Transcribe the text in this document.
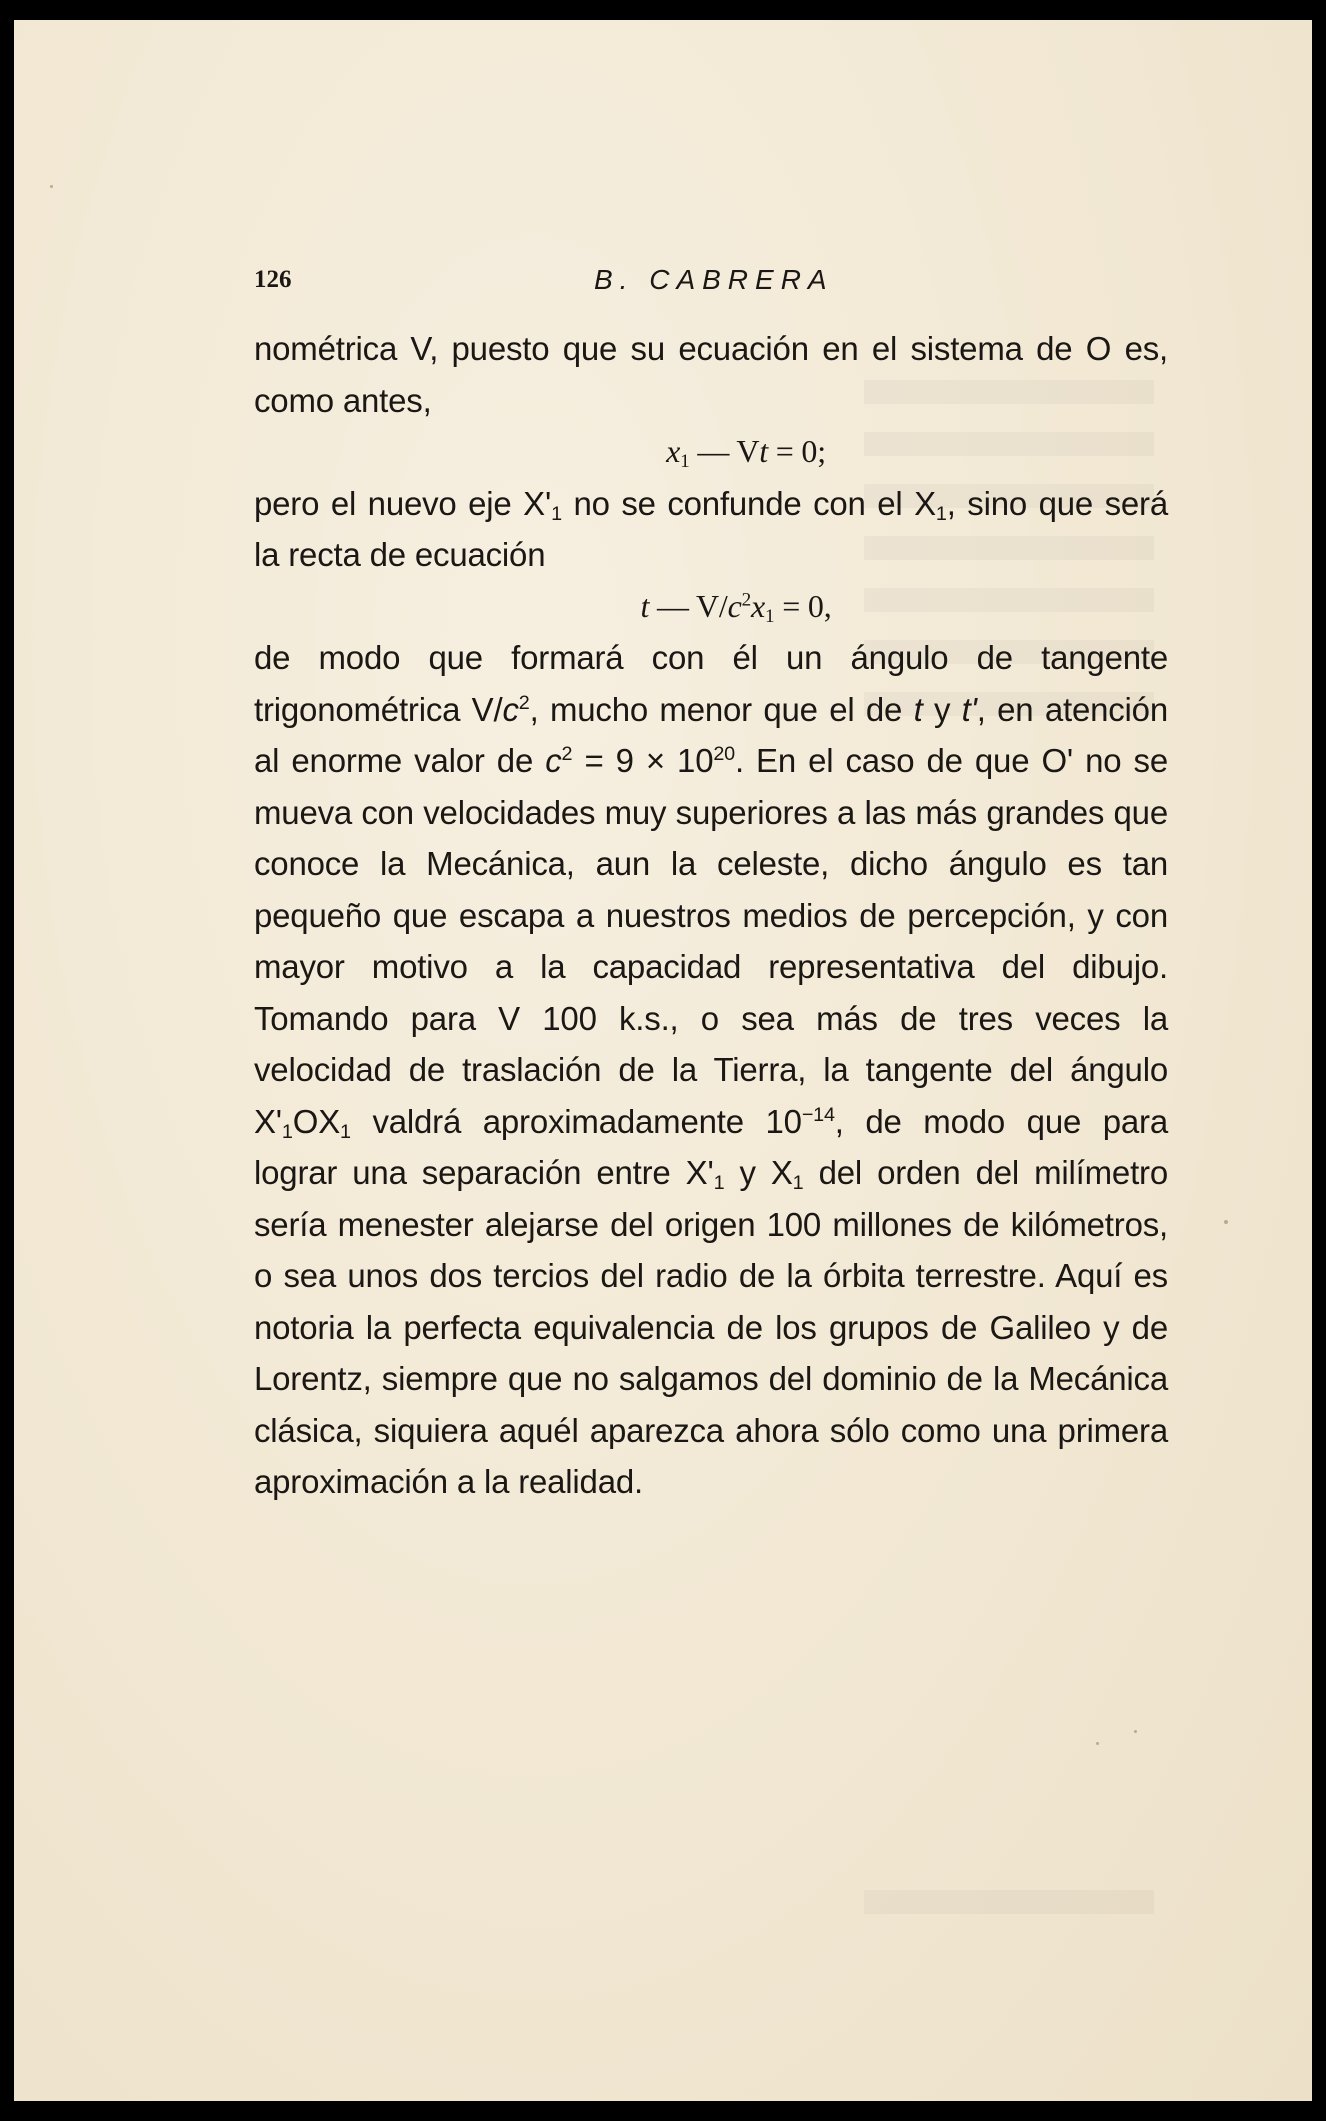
126	B. CABRERA

nométrica V, puesto que su ecuación en el sistema de O es, como antes,

$x_1$ — Vt = 0;

pero el nuevo eje $X'_1$ no se confunde con el $X_1$, sino que será la recta de ecuación

t — $V/c^2x_1 = 0$,

de modo que formará con él un ángulo de tangente trigonométrica $V/c^2$, mucho menor que el de t y t', en atención al enorme valor de $c^2 = 9 \times 10^{20}$. En el caso de que O' no se mueva con velocidades muy superiores a las más grandes que conoce la Mecánica, aun la celeste, dicho ángulo es tan pequeño que escapa a nuestros medios de percepción, y con mayor motivo a la capacidad representativa del dibujo. Tomando para V 100 k.s., o sea más de tres veces la velocidad de traslación de la Tierra, la tangente del ángulo $X'_1OX_1$ valdrá aproximadamente $10^{-14}$, de modo que para lograr una separación entre $X'_1$ y $X_1$ del orden del milímetro sería menester alejarse del origen 100 millones de kilómetros, o sea unos dos tercios del radio de la órbita terrestre. Aquí es notoria la perfecta equivalencia de los grupos de Galileo y de Lorentz, siempre que no salgamos del dominio de la Mecánica clásica, siquiera aquél aparezca ahora sólo como una primera aproximación a la realidad.
